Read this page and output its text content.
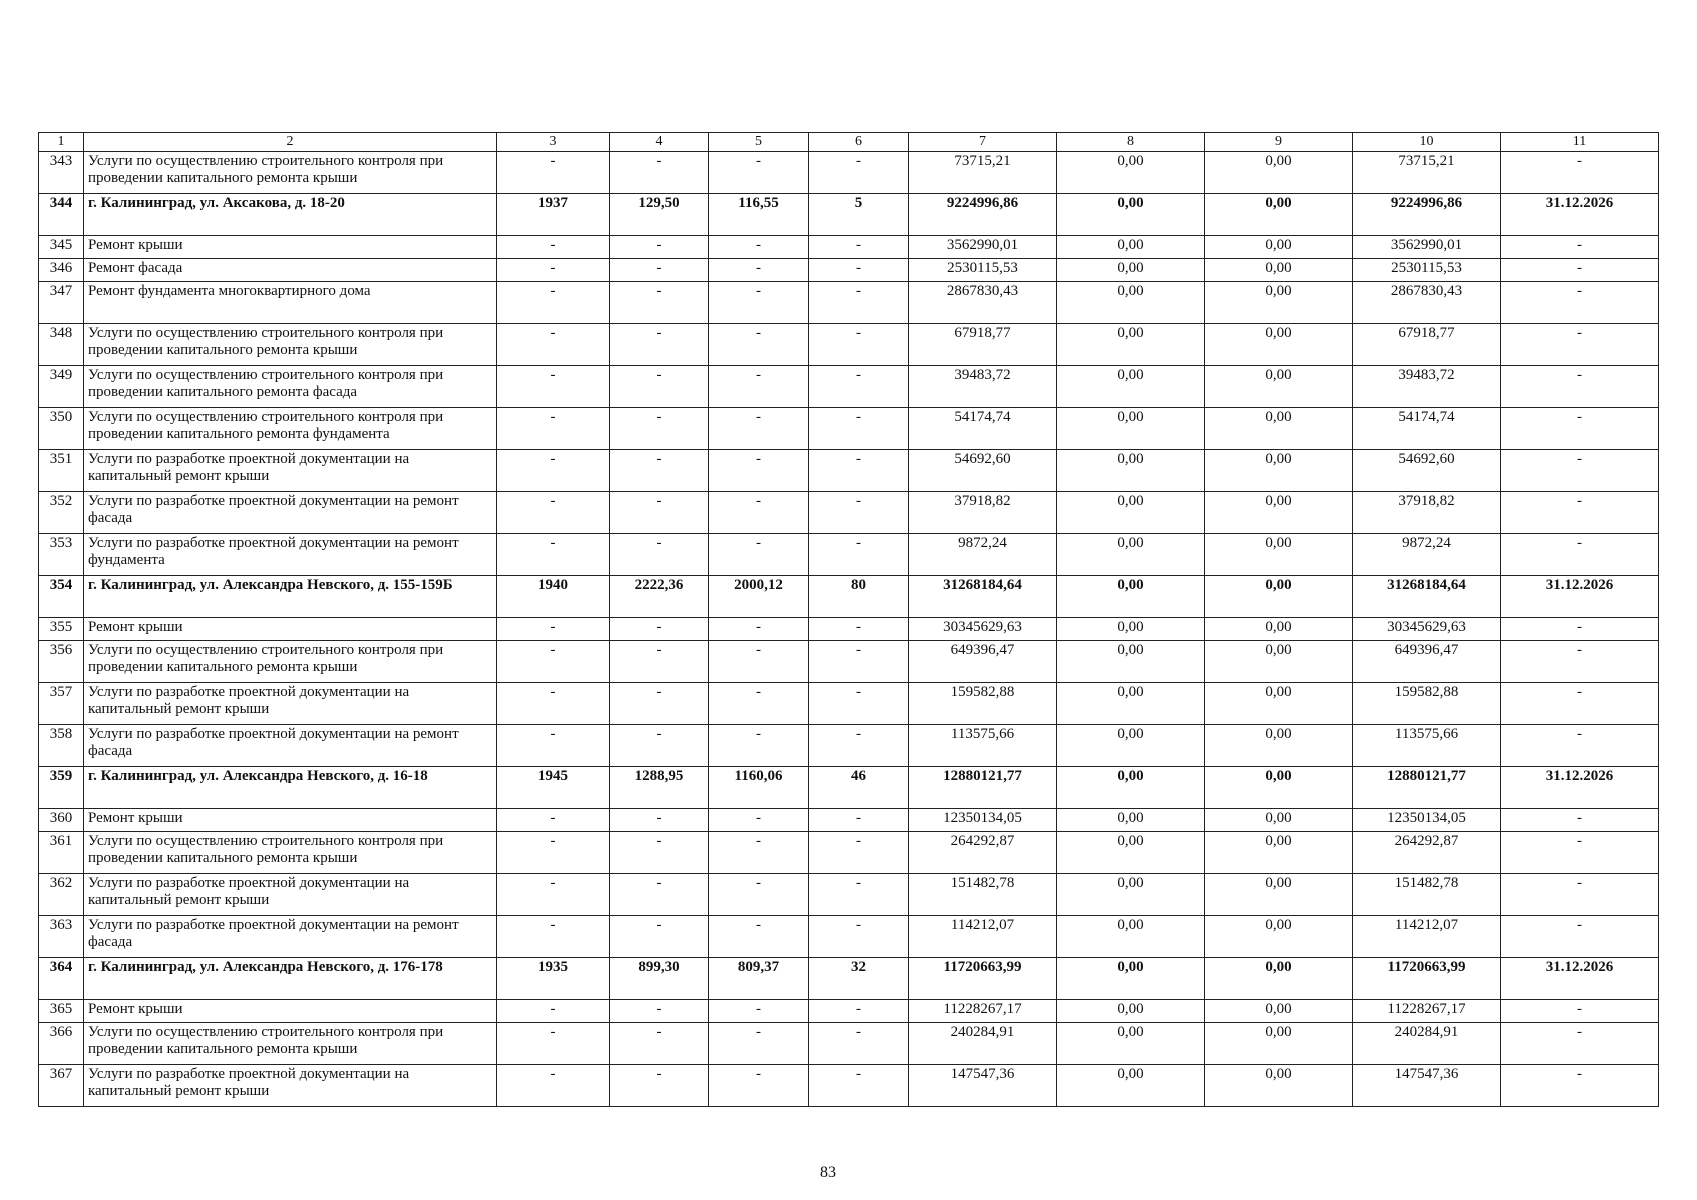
1	2	3	4	5	6	7	8	9	10	11
343	Услуги по осуществлению строительного контроля при проведении капитального ремонта крыши	-	-	-	-	73715,21	0,00	0,00	73715,21	-
344	г. Калининград, ул. Аксакова, д. 18-20	1937	129,50	116,55	5	9224996,86	0,00	0,00	9224996,86	31.12.2026
345	Ремонт крыши	-	-	-	-	3562990,01	0,00	0,00	3562990,01	-
346	Ремонт фасада	-	-	-	-	2530115,53	0,00	0,00	2530115,53	-
347	Ремонт фундамента многоквартирного дома	-	-	-	-	2867830,43	0,00	0,00	2867830,43	-
348	Услуги по осуществлению строительного контроля при проведении капитального ремонта крыши	-	-	-	-	67918,77	0,00	0,00	67918,77	-
349	Услуги по осуществлению строительного контроля при проведении капитального ремонта фасада	-	-	-	-	39483,72	0,00	0,00	39483,72	-
350	Услуги по осуществлению строительного контроля при проведении капитального ремонта фундамента	-	-	-	-	54174,74	0,00	0,00	54174,74	-
351	Услуги по разработке проектной документации на капитальный ремонт крыши	-	-	-	-	54692,60	0,00	0,00	54692,60	-
352	Услуги по разработке проектной документации на ремонт фасада	-	-	-	-	37918,82	0,00	0,00	37918,82	-
353	Услуги по разработке проектной документации на ремонт фундамента	-	-	-	-	9872,24	0,00	0,00	9872,24	-
354	г. Калининград, ул. Александра Невского, д. 155-159Б	1940	2222,36	2000,12	80	31268184,64	0,00	0,00	31268184,64	31.12.2026
355	Ремонт крыши	-	-	-	-	30345629,63	0,00	0,00	30345629,63	-
356	Услуги по осуществлению строительного контроля при проведении капитального ремонта крыши	-	-	-	-	649396,47	0,00	0,00	649396,47	-
357	Услуги по разработке проектной документации на капитальный ремонт крыши	-	-	-	-	159582,88	0,00	0,00	159582,88	-
358	Услуги по разработке проектной документации на ремонт фасада	-	-	-	-	113575,66	0,00	0,00	113575,66	-
359	г. Калининград, ул. Александра Невского, д. 16-18	1945	1288,95	1160,06	46	12880121,77	0,00	0,00	12880121,77	31.12.2026
360	Ремонт крыши	-	-	-	-	12350134,05	0,00	0,00	12350134,05	-
361	Услуги по осуществлению строительного контроля при проведении капитального ремонта крыши	-	-	-	-	264292,87	0,00	0,00	264292,87	-
362	Услуги по разработке проектной документации на капитальный ремонт крыши	-	-	-	-	151482,78	0,00	0,00	151482,78	-
363	Услуги по разработке проектной документации на ремонт фасада	-	-	-	-	114212,07	0,00	0,00	114212,07	-
364	г. Калининград, ул. Александра Невского, д. 176-178	1935	899,30	809,37	32	11720663,99	0,00	0,00	11720663,99	31.12.2026
365	Ремонт крыши	-	-	-	-	11228267,17	0,00	0,00	11228267,17	-
366	Услуги по осуществлению строительного контроля при проведении капитального ремонта крыши	-	-	-	-	240284,91	0,00	0,00	240284,91	-
367	Услуги по разработке проектной документации на капитальный ремонт крыши	-	-	-	-	147547,36	0,00	0,00	147547,36	-
83
